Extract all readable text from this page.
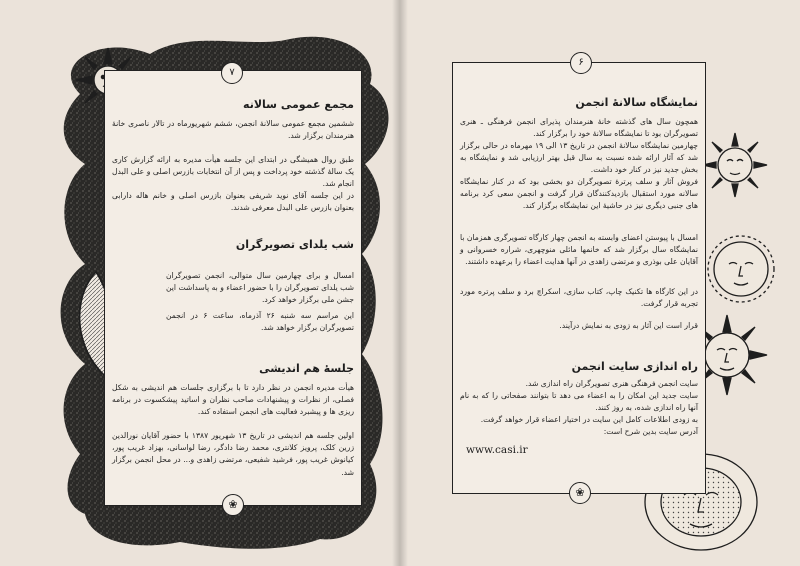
۷
۶
❀
❀
مجمع عمومی سالانه
ششمین مجمع عمومی سالانهٔ انجمن، ششم شهریورماه در تالار ناصری خانهٔ هنرمندان برگزار شد.
طبق روال همیشگی در ابتدای این جلسه هیأت مدیره به ارائه گزارش کاری یک سالهٔ گذشته خود پرداخت و پس از آن انتخابات بازرس اصلی و علی البدل انجام شد.
در این جلسه آقای نوید شریفی بعنوان بازرس اصلی و خانم هاله دارابی بعنوان بازرس علی البدل معرفی شدند.
شب یلدای تصویرگران
امسال و برای چهارمین سال متوالی، انجمن تصویرگران شب یلدای تصویرگران را با حضور اعضاء و به پاسداشت این جشن ملی برگزار خواهد کرد.
این مراسم سه شنبه ۲۶ آذرماه، ساعت ۶ در انجمن تصویرگران برگزار خواهد شد.
جلسهٔ هم اندیشی
هیأت مدیره انجمن در نظر دارد تا با برگزاری جلسات هم اندیشی به شکل فصلی، از نظرات و پیشنهادات صاحب نظران و اساتید پیشکسوت در برنامه ریزی ها و پیشبرد فعالیت های انجمن استفاده کند.
اولین جلسه هم اندیشی در تاریخ ۱۳ شهریور ۱۳۸۷ با حضور آقایان نورالدین زرین کلک، پرویز کلانتری، محمد رضا دادگر، رضا لواسانی، بهزاد غریب پور، کیانوش غریب پور، فرشید شفیعی، مرتضی زاهدی و... در محل انجمن برگزار شد.
نمایشگاه سالانهٔ انجمن
همچون سال های گذشته خانهٔ هنرمندان پذیرای انجمن فرهنگی ـ هنری تصویرگران بود تا نمایشگاه سالانهٔ خود را برگزار کند.
چهارمین نمایشگاه سالانهٔ انجمن در تاریخ ۱۳ الی ۱۹ مهرماه در حالی برگزار شد که آثار ارائه شده نسبت به سال قبل بهتر ارزیابی شد و نمایشگاه به بخش جدید نیز در کنار خود داشت.
فروش آثار و سلف پرترهٔ تصویرگران دو بخشی بود که در کنار نمایشگاه سالانه مورد استقبال بازدیدکنندگان قرار گرفت و انجمن سعی کرد برنامه های جنبی دیگری نیز در حاشیهٔ این نمایشگاه برگزار کند.
امسال با پیوستن اعضای وابسته به انجمن چهار کارگاه تصویرگری همزمان با نمایشگاه سال برگزار شد که خانمها مائلی منوچهری، شراره خسروانی و آقایان علی بوذری و مرتضی زاهدی در آنها هدایت اعضاء را برعهده داشتند.
در این کارگاه ها تکنیک چاپ، کتاب سازی، اسکراچ برد و سلف پرتره مورد تجربه قرار گرفت.
قرار است این آثار به زودی به نمایش درآیند.
راه اندازی سایت انجمن
سایت انجمن فرهنگی هنری تصویرگران راه اندازی شد.
سایت جدید این امکان را به اعضاء می دهد تا بتوانند صفحاتی را که به نام آنها راه اندازی شده، به روز کنند.
به زودی اطلاعات کامل این سایت در اختیار اعضاء قرار خواهد گرفت.
آدرس سایت بدین شرح است:
www.casi.ir
